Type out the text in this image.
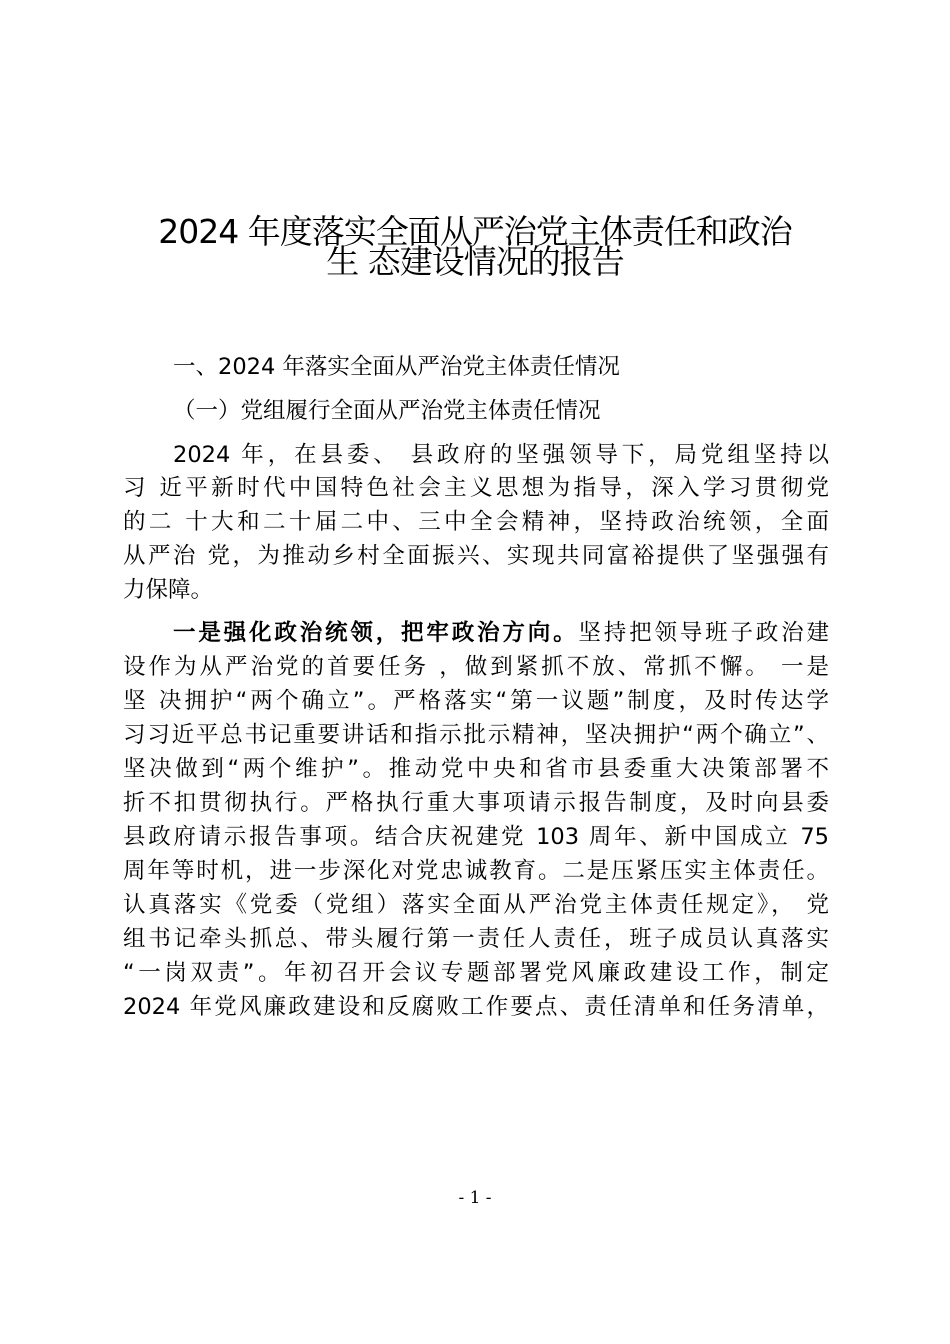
2024 年度落实全面从严治党主体责任和政治
生 态建设情况的报告
一、2024 年落实全面从严治党主体责任情况
（一）党组履行全面从严治党主体责任情况
2024 年，在县委、 县政府的坚强领导下，局党组坚持以
习 近平新时代中国特色社会主义思想为指导，深入学习贯彻党
的二 十大和二十届二中、三中全会精神，坚持政治统领，全面
从严治 党，为推动乡村全面振兴、实现共同富裕提供了坚强强有
力保障。
一是强化政治统领，把牢政治方向。坚持把领导班子政治建
设作为从严治党的首要任务 ，做到紧抓不放、常抓不懈。 一是
坚 决拥护“两个确立”。严格落实“第一议题”制度，及时传达学
习习近平总书记重要讲话和指示批示精神，坚决拥护“两个确立”、
坚决做到“两个维护”。推动党中央和省市县委重大决策部署不
折不扣贯彻执行。严格执行重大事项请示报告制度，及时向县委
县政府请示报告事项。结合庆祝建党 103 周年、新中国成立 75
周年等时机，进一步深化对党忠诚教育。二是压紧压实主体责任。
认真落实《党委（党组）落实全面从严治党主体责任规定》， 党
组书记牵头抓总、带头履行第一责任人责任，班子成员认真落实
“一岗双责”。年初召开会议专题部署党风廉政建设工作，制定
2024 年党风廉政建设和反腐败工作要点、责任清单和任务清单，
- 1 -
